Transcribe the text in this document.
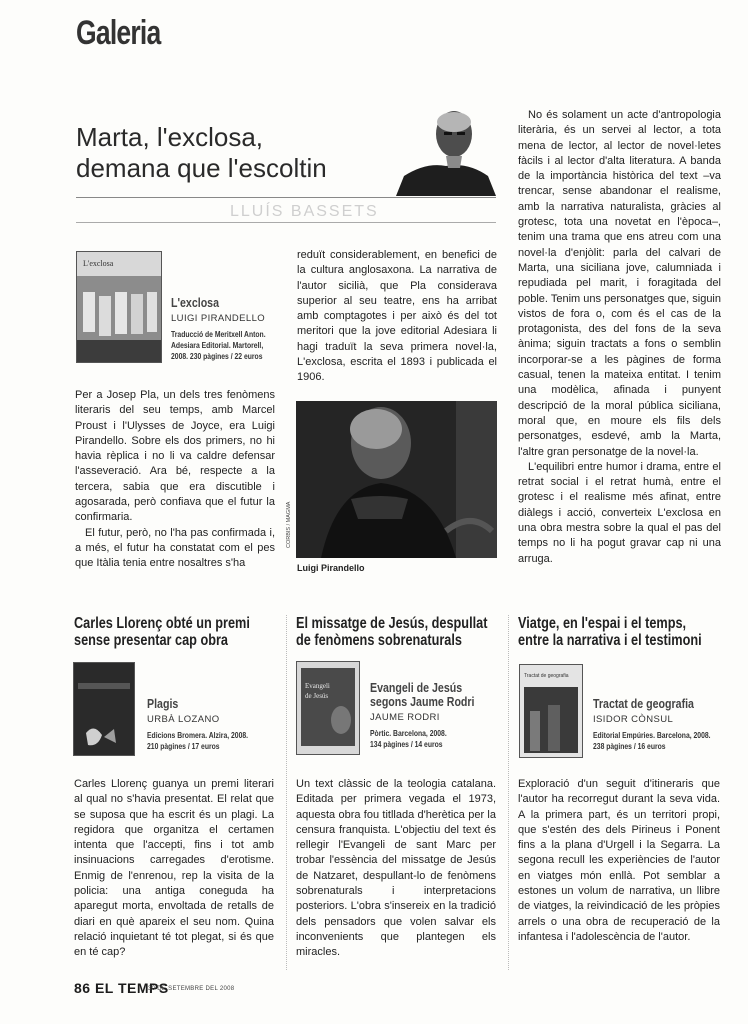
Galeria
Marta, l'exclosa,
demana que l'escoltin
LLUÍS BASSETS
L'exclosa
L'exclosa
LUIGI PIRANDELLO
Traducció de Meritxell Anton.
Adesiara Editorial. Martorell,
2008. 230 pàgines / 22 euros

Per a Josep Pla, un dels tres fenòmens literaris del seu temps, amb Marcel Proust i l'Ulysses de Joyce, era Luigi Pirandello. Sobre els dos primers, no hi havia rèplica i no li va caldre defensar l'asseveració. Ara bé, respecte a la tercera, sabia que era discutible i agosarada, però confiava que el futur la confirmaria.

El futur, però, no l'ha pas confirmada i, a més, el futur ha constatat com el pes que Itàlia tenia entre nosaltres s'ha

reduït considerablement, en benefici de la cultura anglosaxona. La narrativa de l'autor sicilià, que Pla considerava superior al seu teatre, ens ha arribat amb comptagotes i per això és del tot meritori que la jove editorial Adesiara li hagi traduït la seva primera novel·la, L'exclosa, escrita el 1893 i publicada el 1906.

CORBIS / MAGMA
Luigi Pirandello

No és solament un acte d'antropologia literària, és un servei al lector, a tota mena de lector, al lector de novel·letes fàcils i al lector d'alta literatura. A banda de la importància històrica del text –va trencar, sense abandonar el realisme, amb la narrativa naturalista, gràcies al grotesc, tota una novetat en l'època–, tenim una trama que ens atreu com una novel·la d'enjòlit: parla del calvari de Marta, una siciliana jove, calumniada i repudiada pel marit, i foragitada del poble. Tenim uns personatges que, siguin vistos de fora o, com és el cas de la protagonista, des del fons de la seva ànima; siguin tractats a fons o semblin incorporar-se a les pàgines de forma casual, tenen la mateixa entitat. I tenim una modèlica, afinada i punyent descripció de la moral pública siciliana, moral que, en moure els fils dels personatges, esdevé, amb la Marta, l'altre gran personatge de la novel·la.

L'equilibri entre humor i drama, entre el retrat social i el retrat humà, entre el grotesc i el realisme més afinat, entre diàlegs i acció, converteix L'exclosa en una obra mestra sobre la qual el pas del temps no li ha pogut gravar cap ni una arruga.

Carles Llorenç obté un premi
sense presentar cap obra
Plagis
URBÀ LOZANO
Edicions Bromera. Alzira, 2008.
210 pàgines / 17 euros

Carles Llorenç guanya un premi literari al qual no s'havia presentat. El relat que se suposa que ha escrit és un plagi. La regidora que organitza el certamen intenta que l'accepti, fins i tot amb insinuacions carregades d'erotisme. Enmig de l'enrenou, rep la visita de la policia: una antiga coneguda ha aparegut morta, envoltada de retalls de diari en què apareix el seu nom. Quina relació inquietant té tot plegat, si és que en té cap?

El missatge de Jesús, despullat
de fenòmens sobrenaturals
Evangeli
de Jesús
Evangeli de Jesús
segons Jaume Rodri
JAUME RODRI
Pòrtic. Barcelona, 2008.
134 pàgines / 14 euros

Un text clàssic de la teologia catalana. Editada per primera vegada el 1973, aquesta obra fou titllada d'herètica per la censura franquista. L'objectiu del text és rellegir l'Evangeli de sant Marc per trobar l'essència del missatge de Jesús de Natzaret, despullant-lo de fenòmens sobrenaturals i interpretacions posteriors. L'obra s'insereix en la tradició dels pensadors que volen salvar els inconvenients que plantegen els miracles.

Viatge, en l'espai i el temps,
entre la narrativa i el testimoni
Tractat de geografia
Tractat de geografia
ISIDOR CÒNSUL
Editorial Empúries. Barcelona, 2008.
238 pàgines / 16 euros

Exploració d'un seguit d'itineraris que l'autor ha recorregut durant la seva vida. A la primera part, és un territori propi, que s'estén des dels Pirineus i Ponent fins a la plana d'Urgell i la Segarra. La segona recull les experiències de l'autor en viatges món enllà. Pot semblar a estones un volum de narrativa, un llibre de viatges, la reivindicació de les pròpies arrels o una obra de recuperació de la infantesa i l'adolescència de l'autor.

86 EL TEMPS
30 DE SETEMBRE DEL 2008
